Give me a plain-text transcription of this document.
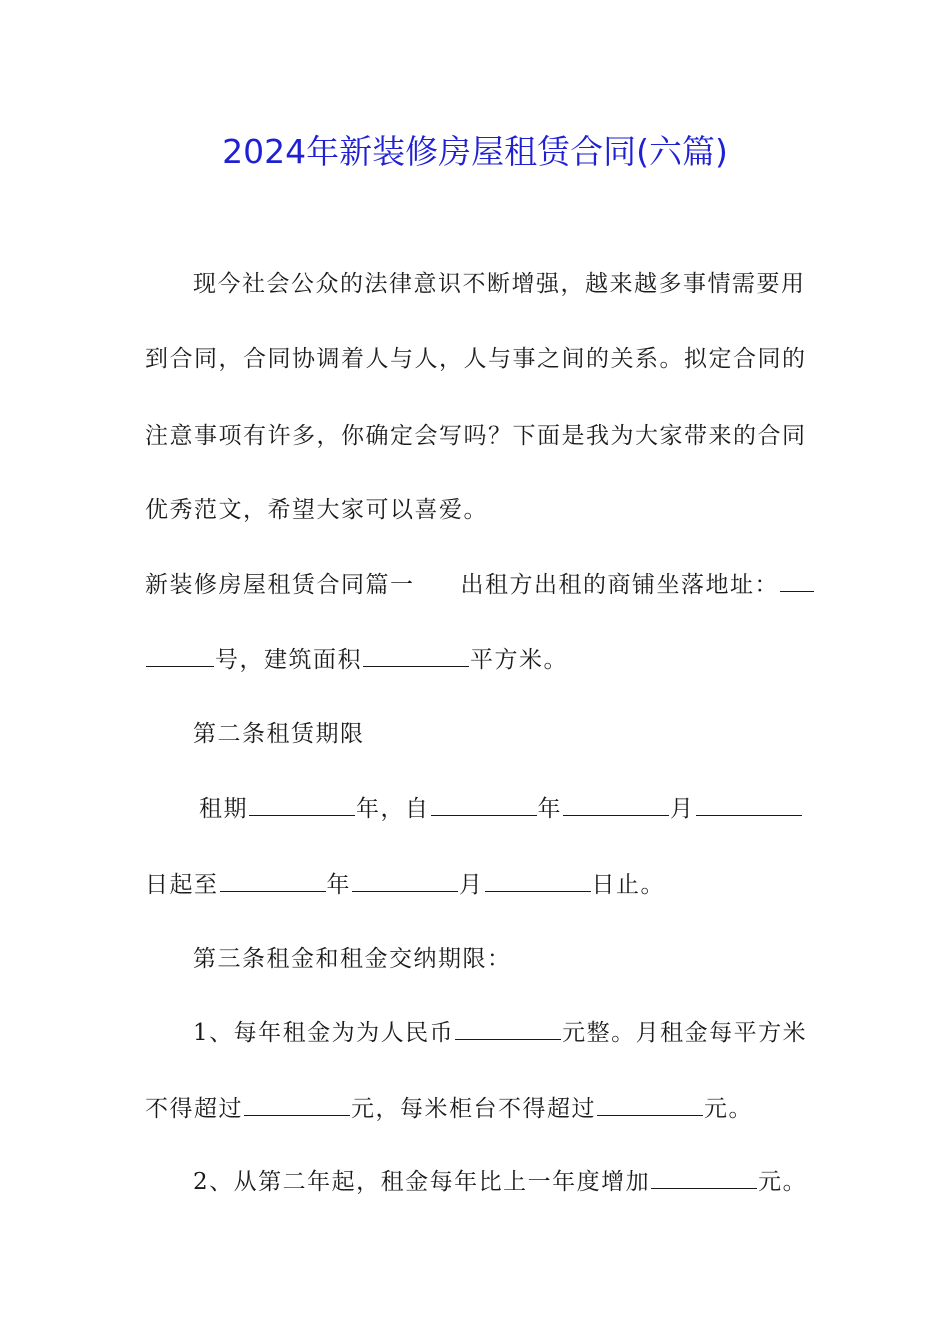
2024年新装修房屋租赁合同(六篇)
现今社会公众的法律意识不断增强，越来越多事情需要用
到合同，合同协调着人与人，人与事之间的关系。拟定合同的
注意事项有许多，你确定会写吗？下面是我为大家带来的合同
优秀范文，希望大家可以喜爱。
新装修房屋租赁合同篇一 出租方出租的商铺坐落地址：
号，建筑面积	平方米。
第二条租赁期限
租期	年，自	年	月
日起至	年	月	日止。
第三条租金和租金交纳期限：
1、每年租金为为人民币	元整。月租金每平方米
不得超过	元，每米柜台不得超过	元。
2、从第二年起，租金每年比上一年度增加	元。
